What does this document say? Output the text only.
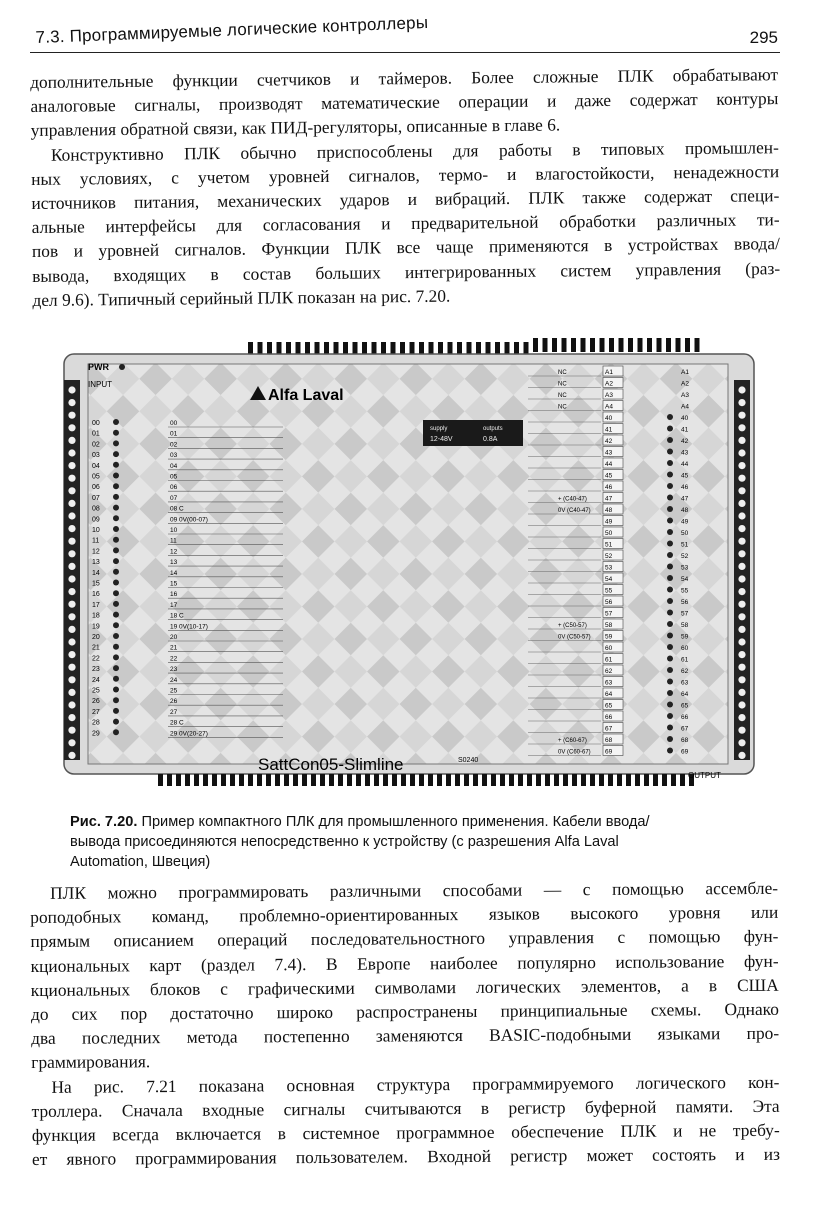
7.3. Программируемые логические контроллеры	295
дополнительные функции счетчиков и таймеров. Более сложные ПЛК обрабатывают
аналоговые сигналы, производят математические операции и даже содержат контуры
управления обратной связи, как ПИД-регуляторы, описанные в главе 6.
Конструктивно ПЛК обычно приспособлены для работы в типовых промышлен-
ных условиях, с учетом уровней сигналов, термо- и влагостойкости, ненадежности
источников питания, механических ударов и вибраций. ПЛК также содержат специ-
альные интерфейсы для согласования и предварительной обработки различных ти-
пов и уровней сигналов. Функции ПЛК все чаще применяются в устройствах ввода/
вывода, входящих в состав больших интегрированных систем управления (раз-
дел 9.6). Типичный серийный ПЛК показан на рис. 7.20.
PWR
INPUT
Alfa Laval
supply	outputs
12-48V	0.8A
00
01
02
03
04
05
06
07
08 C
09 0V(00-07)
10
11
12
13
14
15
16
17
18 C
19 0V(10-17)
20
21
22
23
24
25
26
27
28 C
29 0V(20-27)
00
01
02
03
04
05
06
07
08
09
10
11
12
13
14
15
16
17
18
19
20
21
22
23
24
25
26
27
28
29
A1
NC
A2
NC
A3
NC
A4
NC
40
41
42
43
44
45
46
47
+ (C40-47)
48
0V (C40-47)
49
50
51
52
53
54
55
56
57
58
+ (C50-57)
59
0V (C50-57)
60
61
62
63
64
65
66
67
68
+ (C60-67)
69
0V (C60-67)
A1
A2
A3
A4
40
41
42
43
44
45
46
47
48
49
50
51
52
53
54
55
56
57
58
59
60
61
62
63
64
65
66
67
68
69
SattCon05-Slimline	S0240
OUTPUT

Рис. 7.20. Пример компактного ПЛК для промышленного применения. Кабели ввода/
вывода присоединяются непосредственно к устройству (с разрешения Alfa Laval
Automation, Швеция)

ПЛК можно программировать различными способами — с помощью ассембле-
роподобных команд, проблемно-ориентированных языков высокого уровня или
прямым описанием операций последовательностного управления с помощью фун-
кциональных карт (раздел 7.4). В Европе наиболее популярно использование фун-
кциональных блоков с графическими символами логических элементов, а в США
до сих пор достаточно широко распространены принципиальные схемы. Однако
два последних метода постепенно заменяются BASIC-подобными языками про-
граммирования.
На рис. 7.21 показана основная структура программируемого логического кон-
троллера. Сначала входные сигналы считываются в регистр буферной памяти. Эта
функция всегда включается в системное программное обеспечение ПЛК и не требу-
ет явного программирования пользователем. Входной регистр может состоять и из
